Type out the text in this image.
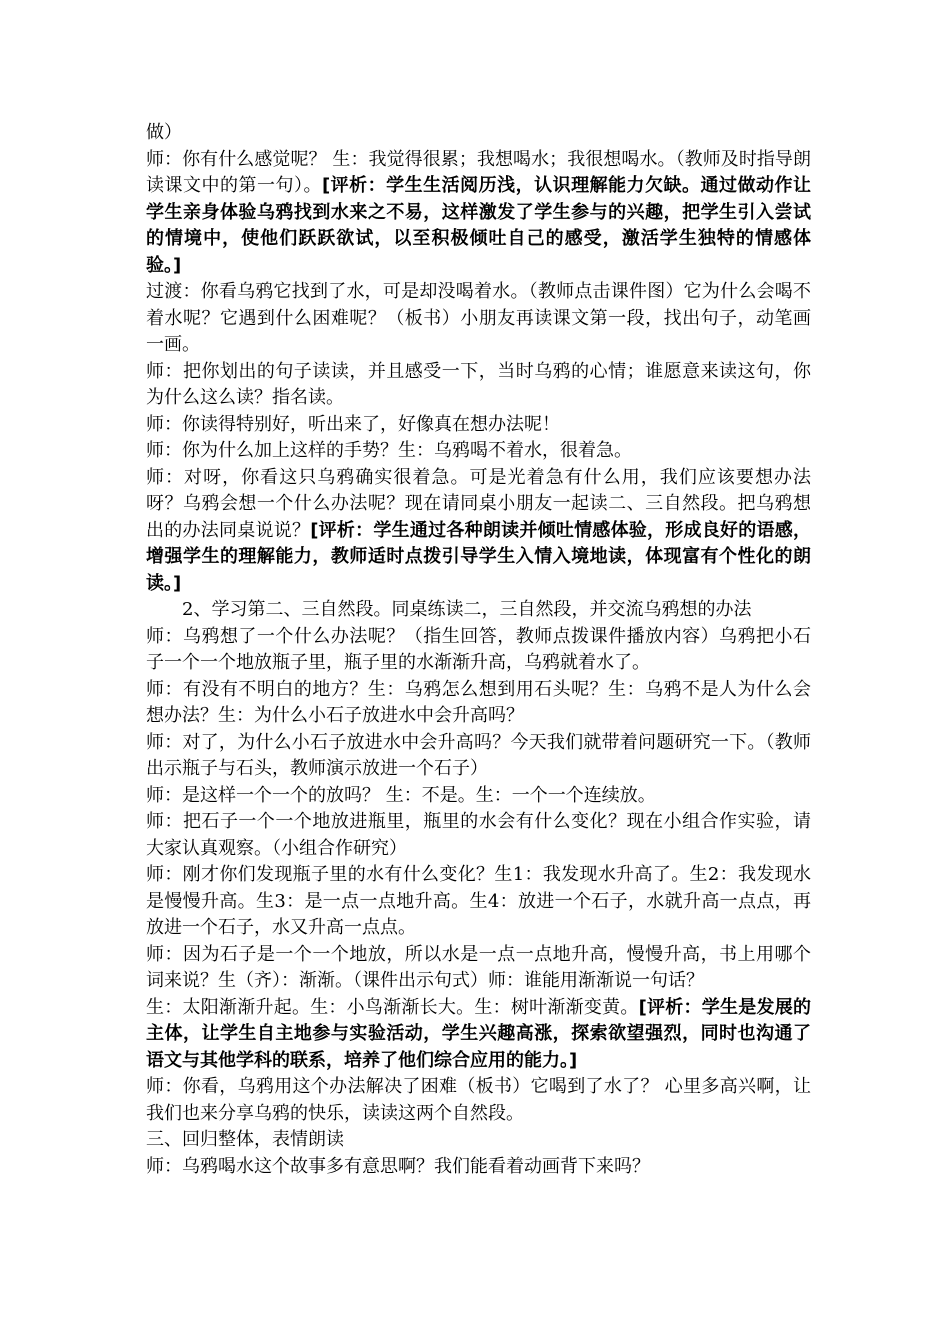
做）

师：你有什么感觉呢？ 生：我觉得很累；我想喝水；我很想喝水。（教师及时指导朗读课文中的第一句）。[评析：学生生活阅历浅，认识理解能力欠缺。通过做动作让学生亲身体验乌鸦找到水来之不易，这样激发了学生参与的兴趣，把学生引入尝试的情境中，使他们跃跃欲试，以至积极倾吐自己的感受，激活学生独特的情感体验。]

过渡：你看乌鸦它找到了水，可是却没喝着水。（教师点击课件图）它为什么会喝不着水呢？它遇到什么困难呢？（板书）小朋友再读课文第一段，找出句子，动笔画一画。

师：把你划出的句子读读，并且感受一下，当时乌鸦的心情；谁愿意来读这句，你为什么这么读？指名读。

师：你读得特别好，听出来了，好像真在想办法呢！

师：你为什么加上这样的手势？生：乌鸦喝不着水，很着急。

师：对呀，你看这只乌鸦确实很着急。可是光着急有什么用，我们应该要想办法呀？乌鸦会想一个什么办法呢？现在请同桌小朋友一起读二、三自然段。把乌鸦想出的办法同桌说说？[评析：学生通过各种朗读并倾吐情感体验，形成良好的语感，增强学生的理解能力，教师适时点拨引导学生入情入境地读，体现富有个性化的朗读。]

2、学习第二、三自然段。同桌练读二，三自然段，并交流乌鸦想的办法

师：乌鸦想了一个什么办法呢？（指生回答，教师点拨课件播放内容）乌鸦把小石子一个一个地放瓶子里，瓶子里的水渐渐升高，乌鸦就着水了。

师：有没有不明白的地方？生：乌鸦怎么想到用石头呢？生：乌鸦不是人为什么会想办法？生：为什么小石子放进水中会升高吗？

师：对了，为什么小石子放进水中会升高吗？今天我们就带着问题研究一下。（教师出示瓶子与石头，教师演示放进一个石子）

师：是这样一个一个的放吗？ 生：不是。生：一个一个连续放。

师：把石子一个一个地放进瓶里，瓶里的水会有什么变化？现在小组合作实验，请大家认真观察。（小组合作研究）

师：刚才你们发现瓶子里的水有什么变化？生1：我发现水升高了。生2：我发现水是慢慢升高。生3：是一点一点地升高。生4：放进一个石子，水就升高一点点，再放进一个石子，水又升高一点点。

师：因为石子是一个一个地放，所以水是一点一点地升高，慢慢升高，书上用哪个词来说？生（齐）：渐渐。（课件出示句式）师：谁能用渐渐说一句话？

生：太阳渐渐升起。生：小鸟渐渐长大。生：树叶渐渐变黄。[评析：学生是发展的主体，让学生自主地参与实验活动，学生兴趣高涨，探索欲望强烈，同时也沟通了语文与其他学科的联系，培养了他们综合应用的能力。]

师：你看，乌鸦用这个办法解决了困难（板书）它喝到了水了？ 心里多高兴啊，让我们也来分享乌鸦的快乐，读读这两个自然段。

三、回归整体，表情朗读

师：乌鸦喝水这个故事多有意思啊？我们能看着动画背下来吗？
